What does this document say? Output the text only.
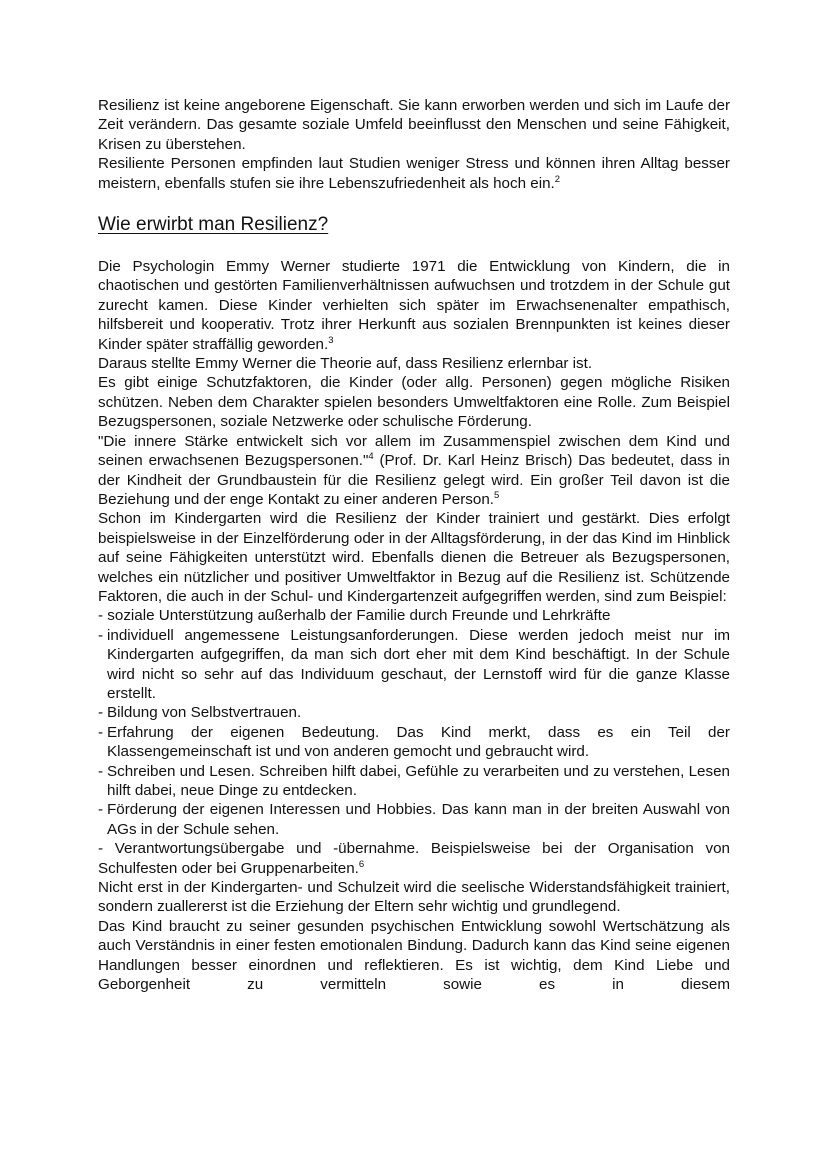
Resilienz ist keine angeborene Eigenschaft. Sie kann erworben werden und sich im Laufe der Zeit verändern. Das gesamte soziale Umfeld beeinflusst den Menschen und seine Fähigkeit, Krisen zu überstehen.

Resiliente Personen empfinden laut Studien weniger Stress und können ihren Alltag besser meistern, ebenfalls stufen sie ihre Lebenszufriedenheit als hoch ein.$^2$

Wie erwirbt man Resilienz?

Die Psychologin Emmy Werner studierte 1971 die Entwicklung von Kindern, die in chaotischen und gestörten Familienverhältnissen aufwuchsen und trotzdem in der Schule gut zurecht kamen. Diese Kinder verhielten sich später im Erwachsenenalter empathisch, hilfsbereit und kooperativ. Trotz ihrer Herkunft aus sozialen Brennpunkten ist keines dieser Kinder später straffällig geworden.$^3$

Daraus stellte Emmy Werner die Theorie auf, dass Resilienz erlernbar ist.

Es gibt einige Schutzfaktoren, die Kinder (oder allg. Personen) gegen mögliche Risiken schützen. Neben dem Charakter spielen besonders Umweltfaktoren eine Rolle. Zum Beispiel Bezugspersonen, soziale Netzwerke oder schulische Förderung.

"Die innere Stärke entwickelt sich vor allem im Zusammenspiel zwischen dem Kind und seinen erwachsenen Bezugspersonen."$^4$ (Prof. Dr. Karl Heinz Brisch) Das bedeutet, dass in der Kindheit der Grundbaustein für die Resilienz gelegt wird. Ein großer Teil davon ist die Beziehung und der enge Kontakt zu einer anderen Person.$^5$

Schon im Kindergarten wird die Resilienz der Kinder trainiert und gestärkt. Dies erfolgt beispielsweise in der Einzelförderung oder in der Alltagsförderung, in der das Kind im Hinblick auf seine Fähigkeiten unterstützt wird. Ebenfalls dienen die Betreuer als Bezugspersonen, welches ein nützlicher und positiver Umweltfaktor in Bezug auf die Resilienz ist. Schützende Faktoren, die auch in der Schul- und Kindergartenzeit aufgegriffen werden, sind zum Beispiel:

- soziale Unterstützung außerhalb der Familie durch Freunde und Lehrkräfte
- individuell angemessene Leistungsanforderungen. Diese werden jedoch meist nur im Kindergarten aufgegriffen, da man sich dort eher mit dem Kind beschäftigt. In der Schule wird nicht so sehr auf das Individuum geschaut, der Lernstoff wird für die ganze Klasse erstellt.
- Bildung von Selbstvertrauen.
- Erfahrung der eigenen Bedeutung. Das Kind merkt, dass es ein Teil der Klassengemeinschaft ist und von anderen gemocht und gebraucht wird.
- Schreiben und Lesen. Schreiben hilft dabei, Gefühle zu verarbeiten und zu verstehen, Lesen hilft dabei, neue Dinge zu entdecken.
- Förderung der eigenen Interessen und Hobbies. Das kann man in der breiten Auswahl von AGs in der Schule sehen.
- Verantwortungsübergabe und -übernahme. Beispielsweise bei der Organisation von Schulfesten oder bei Gruppenarbeiten.$^6$

Nicht erst in der Kindergarten- und Schulzeit wird die seelische Widerstandsfähigkeit trainiert, sondern zuallererst ist die Erziehung der Eltern sehr wichtig und grundlegend.

Das Kind braucht zu seiner gesunden psychischen Entwicklung sowohl Wertschätzung als auch Verständnis in einer festen emotionalen Bindung. Dadurch kann das Kind seine eigenen Handlungen besser einordnen und reflektieren. Es ist wichtig, dem Kind Liebe und Geborgenheit zu vermitteln sowie es in diesem
